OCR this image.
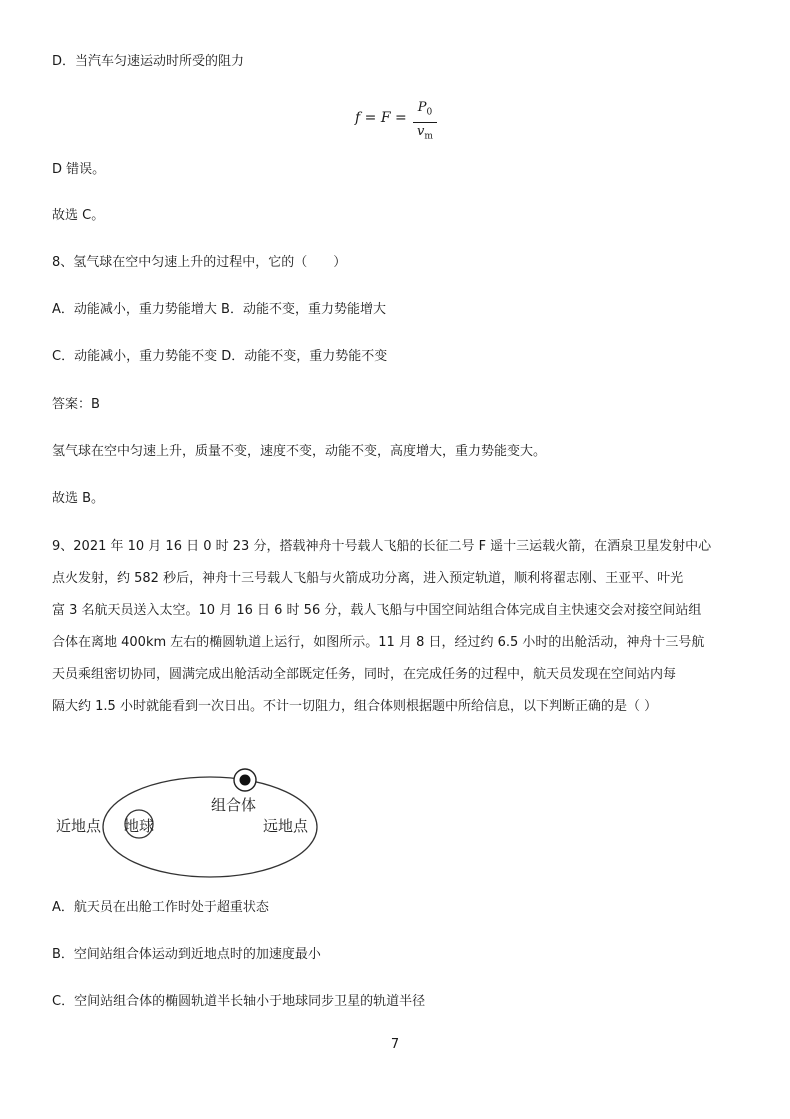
D．当汽车匀速运动时所受的阻力
f = F =
$P_0$
$v_m$
D 错误。
故选 C。
8、氢气球在空中匀速上升的过程中，它的（　　）
A．动能减小，重力势能增大 B．动能不变，重力势能增大
C．动能减小，重力势能不变 D．动能不变，重力势能不变
答案：B
氢气球在空中匀速上升，质量不变，速度不变，动能不变，高度增大，重力势能变大。
故选 B。
9、2021 年 10 月 16 日 0 时 23 分，搭载神舟十号载人飞船的长征二号 F 遥十三运载火箭，在酒泉卫星发射中心
点火发射，约 582 秒后，神舟十三号载人飞船与火箭成功分离，进入预定轨道，顺利将翟志刚、王亚平、叶光
富 3 名航天员送入太空。10 月 16 日 6 时 56 分，载人飞船与中国空间站组合体完成自主快速交会对接空间站组
合体在离地 400km 左右的椭圆轨道上运行，如图所示。11 月 8 日，经过约 6.5 小时的出舱活动，神舟十三号航
天员乘组密切协同，圆满完成出舱活动全部既定任务，同时，在完成任务的过程中，航天员发现在空间站内每
隔大约 1.5 小时就能看到一次日出。不计一切阻力，组合体则根据题中所给信息，以下判断正确的是（ ）
近地点 地球
组合体
远地点
A．航天员在出舱工作时处于超重状态
B．空间站组合体运动到近地点时的加速度最小
C．空间站组合体的椭圆轨道半长轴小于地球同步卫星的轨道半径
7
